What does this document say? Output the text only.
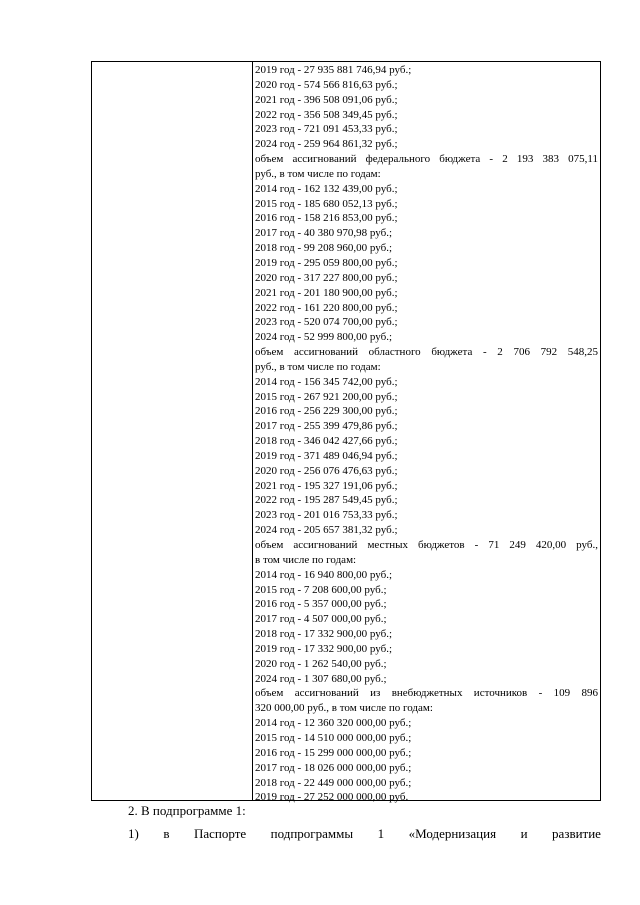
2019 год - 27 935 881 746,94 руб.;
2020 год - 574 566 816,63 руб.;
2021 год - 396 508 091,06 руб.;
2022 год - 356 508 349,45 руб.;
2023 год - 721 091 453,33 руб.;
2024 год - 259 964 861,32 руб.;
объем ассигнований федерального бюджета - 2 193 383 075,11
руб., в том числе по годам:
2014 год - 162 132 439,00 руб.;
2015 год - 185 680 052,13 руб.;
2016 год - 158 216 853,00 руб.;
2017 год - 40 380 970,98 руб.;
2018 год - 99 208 960,00 руб.;
2019 год - 295 059 800,00 руб.;
2020 год - 317 227 800,00 руб.;
2021 год - 201 180 900,00 руб.;
2022 год - 161 220 800,00 руб.;
2023 год - 520 074 700,00 руб.;
2024 год - 52 999 800,00 руб.;
объем ассигнований областного бюджета - 2 706 792 548,25
руб., в том числе по годам:
2014 год - 156 345 742,00 руб.;
2015 год - 267 921 200,00 руб.;
2016 год - 256 229 300,00 руб.;
2017 год - 255 399 479,86 руб.;
2018 год - 346 042 427,66 руб.;
2019 год - 371 489 046,94 руб.;
2020 год - 256 076 476,63 руб.;
2021 год - 195 327 191,06 руб.;
2022 год - 195 287 549,45 руб.;
2023 год - 201 016 753,33 руб.;
2024 год - 205 657 381,32 руб.;
объем ассигнований местных бюджетов - 71 249 420,00 руб.,
в том числе по годам:
2014 год - 16 940 800,00 руб.;
2015 год - 7 208 600,00 руб.;
2016 год - 5 357 000,00 руб.;
2017 год - 4 507 000,00 руб.;
2018 год - 17 332 900,00 руб.;
2019 год - 17 332 900,00 руб.;
2020 год - 1 262 540,00 руб.;
2024 год - 1 307 680,00 руб.;
объем ассигнований из внебюджетных источников - 109 896
320 000,00 руб., в том числе по годам:
2014 год - 12 360 320 000,00 руб.;
2015 год - 14 510 000 000,00 руб.;
2016 год - 15 299 000 000,00 руб.;
2017 год - 18 026 000 000,00 руб.;
2018 год - 22 449 000 000,00 руб.;
2019 год - 27 252 000 000,00 руб.
2. В подпрограмме 1:
1) в Паспорте подпрограммы 1 «Модернизация и развитие
